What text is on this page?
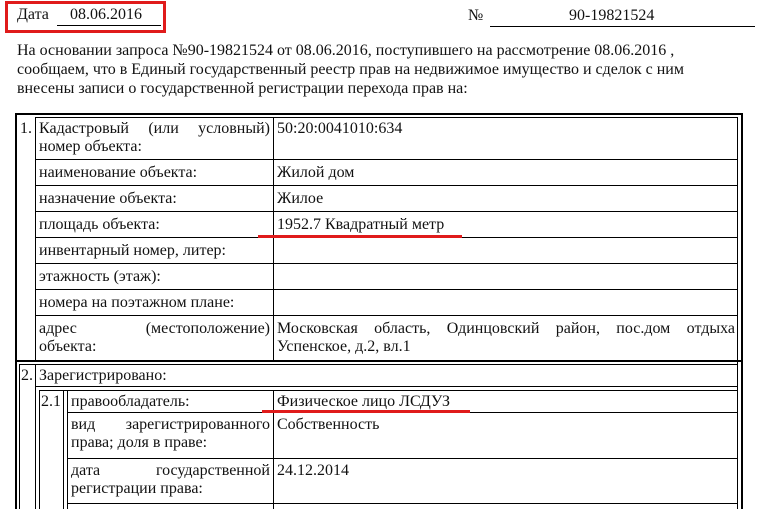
Дата 08.06.2016	№	90-19821524
На основании запроса №90-19821524 от 08.06.2016, поступившего на рассмотрение 08.06.2016 ,
сообщаем, что в Единый государственный реестр прав на недвижимое имущество и сделок с ним
внесены записи о государственной регистрации перехода прав на:
1. Кадастровый (или условный)
номер объекта:
50:20:0041010:634
наименование объекта:	Жилой дом
назначение объекта:	Жилое
площадь объекта:	1952.7 Квадратный метр
инвентарный номер, литер:
этажность (этаж):
номера на поэтажном плане:
адрес (местоположение)
объекта:
Московская область, Одинцовский район, пос.дом отдыха
Успенское, д.2, вл.1
2. Зарегистрировано:
2.1 правообладатель:	Физическое лицо ЛСДУЗ
вид зарегистрированного
права; доля в праве:
Собственность
дата государственной
регистрации права:
24.12.2014
